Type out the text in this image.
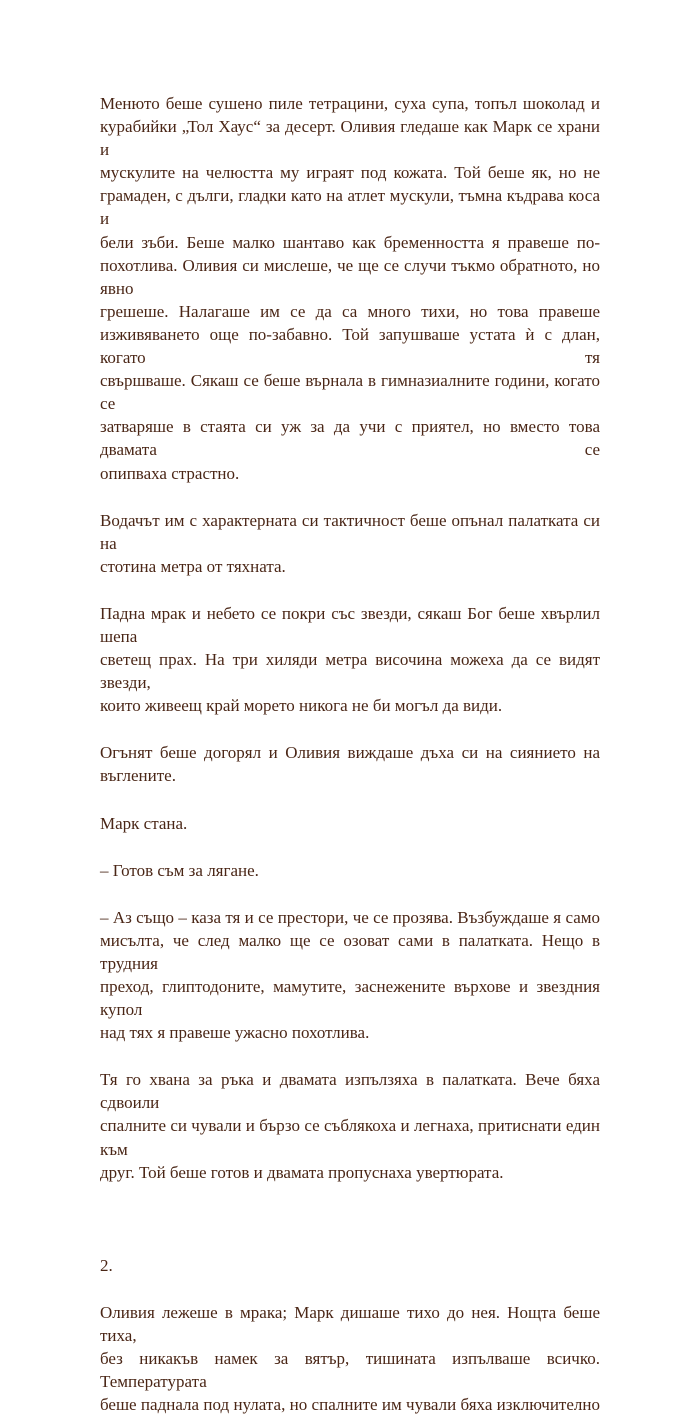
Менюто беше сушено пиле тетрацини, суха супа, топъл шоколад и
курабийки „Тол Хаус“ за десерт. Оливия гледаше как Марк се храни и
мускулите на челюстта му играят под кожата. Той беше як, но не
грамаден, с дълги, гладки като на атлет мускули, тъмна къдрава коса и
бели зъби. Беше малко шантаво как бременността я правеше по-
похотлива. Оливия си мислеше, че ще се случи тъкмо обратното, но явно
грешеше. Налагаше им се да са много тихи, но това правеше
изживяването още по-забавно. Той запушваше устата ѝ с длан, когато тя
свършваше. Сякаш се беше върнала в гимназиалните години, когато се
затваряше в стаята си уж за да учи с приятел, но вместо това двамата се
опипваха страстно.

Водачът им с характерната си тактичност беше опънал палатката си на
стотина метра от тяхната.

Падна мрак и небето се покри със звезди, сякаш Бог беше хвърлил шепа
светещ прах. На три хиляди метра височина можеха да се видят звезди,
които живеещ край морето никога не би могъл да види.

Огънят беше догорял и Оливия виждаше дъха си на сиянието на
въглените.

Марк стана.

– Готов съм за лягане.

– Аз също – каза тя и се престори, че се прозява. Възбуждаше я само
мисълта, че след малко ще се озоват сами в палатката. Нещо в трудния
преход, глиптодоните, мамутите, заснежените върхове и звездния купол
над тях я правеше ужасно похотлива.

Тя го хвана за ръка и двамата изпълзяха в палатката. Вече бяха сдвоили
спалните си чували и бързо се съблякоха и легнаха, притиснати един към
друг. Той беше готов и двамата пропуснаха увертюрата.

2.

Оливия лежеше в мрака; Марк дишаше тихо до нея. Нощта беше тиха,
без никакъв намек за вятър, тишината изпълваше всичко. Температурата
беше паднала под нулата, но спалните им чували бяха изключително
